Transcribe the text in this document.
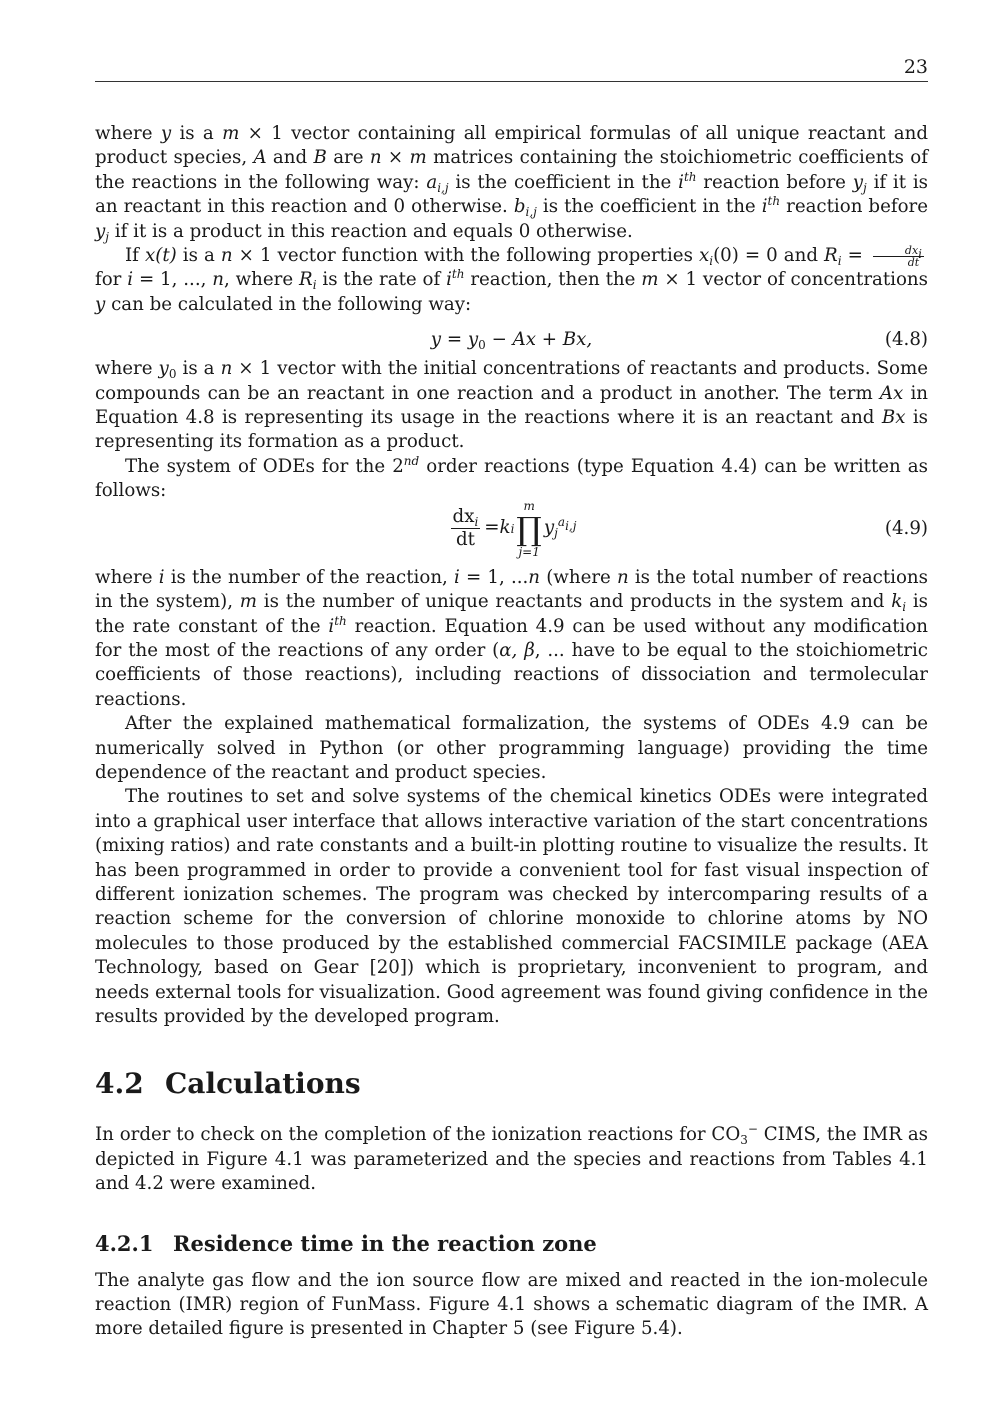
23

where y is a m × 1 vector containing all empirical formulas of all unique reactant and product species, A and B are n × m matrices containing the stoichiometric coefficients of the reactions in the following way: $a_{i,j}$ is the coefficient in the $i^{th}$ reaction before $y_j$ if it is an reactant in this reaction and 0 otherwise. $b_{i,j}$ is the coefficient in the $i^{th}$ reaction before $y_j$ if it is a product in this reaction and equals 0 otherwise.

If x(t) is a n × 1 vector function with the following properties $x_i(0) = 0$ and $R_i = \frac{dx_i}{dt}$
for i = 1, ..., n, where $R_i$ is the rate of $i^{th}$ reaction, then the m × 1 vector of concentrations y can be calculated in the following way:

$y = y_0 - Ax + Bx$,	(4.8)

where $y_0$ is a n × 1 vector with the initial concentrations of reactants and products. Some compounds can be an reactant in one reaction and a product in another. The term Ax in Equation 4.8 is representing its usage in the reactions where it is an reactant and Bx is representing its formation as a product.

The system of ODEs for the 2nd order reactions (type Equation 4.4) can be written as follows:

$\frac{dx_i}{dt} = k$ i
m
∏
j=1
$y_j^{a_{i,j}}$	(4.9)

where i is the number of the reaction, i = 1, ...n (where n is the total number of reactions in the system), m is the number of unique reactants and products in the system and $k_i$ is the rate constant of the $i^{th}$ reaction. Equation 4.9 can be used without any modification for the most of the reactions of any order (α, β, ... have to be equal to the stoichiometric coefficients of those reactions), including reactions of dissociation and termolecular reactions.

After the explained mathematical formalization, the systems of ODEs 4.9 can be numerically solved in Python (or other programming language) providing the time dependence of the reactant and product species.

The routines to set and solve systems of the chemical kinetics ODEs were integrated into a graphical user interface that allows interactive variation of the start concentrations (mixing ratios) and rate constants and a built-in plotting routine to visualize the results. It has been programmed in order to provide a convenient tool for fast visual inspection of different ionization schemes. The program was checked by intercomparing results of a reaction scheme for the conversion of chlorine monoxide to chlorine atoms by NO molecules to those produced by the established commercial FACSIMILE package (AEA Technology, based on Gear [20]) which is proprietary, inconvenient to program, and needs external tools for visualization. Good agreement was found giving confidence in the results provided by the developed program.

4.2 Calculations

In order to check on the completion of the ionization reactions for $CO_3^-$ CIMS, the IMR as depicted in Figure 4.1 was parameterized and the species and reactions from Tables 4.1 and 4.2 were examined.

4.2.1 Residence time in the reaction zone

The analyte gas flow and the ion source flow are mixed and reacted in the ion-molecule reaction (IMR) region of FunMass. Figure 4.1 shows a schematic diagram of the IMR. A more detailed figure is presented in Chapter 5 (see Figure 5.4).
